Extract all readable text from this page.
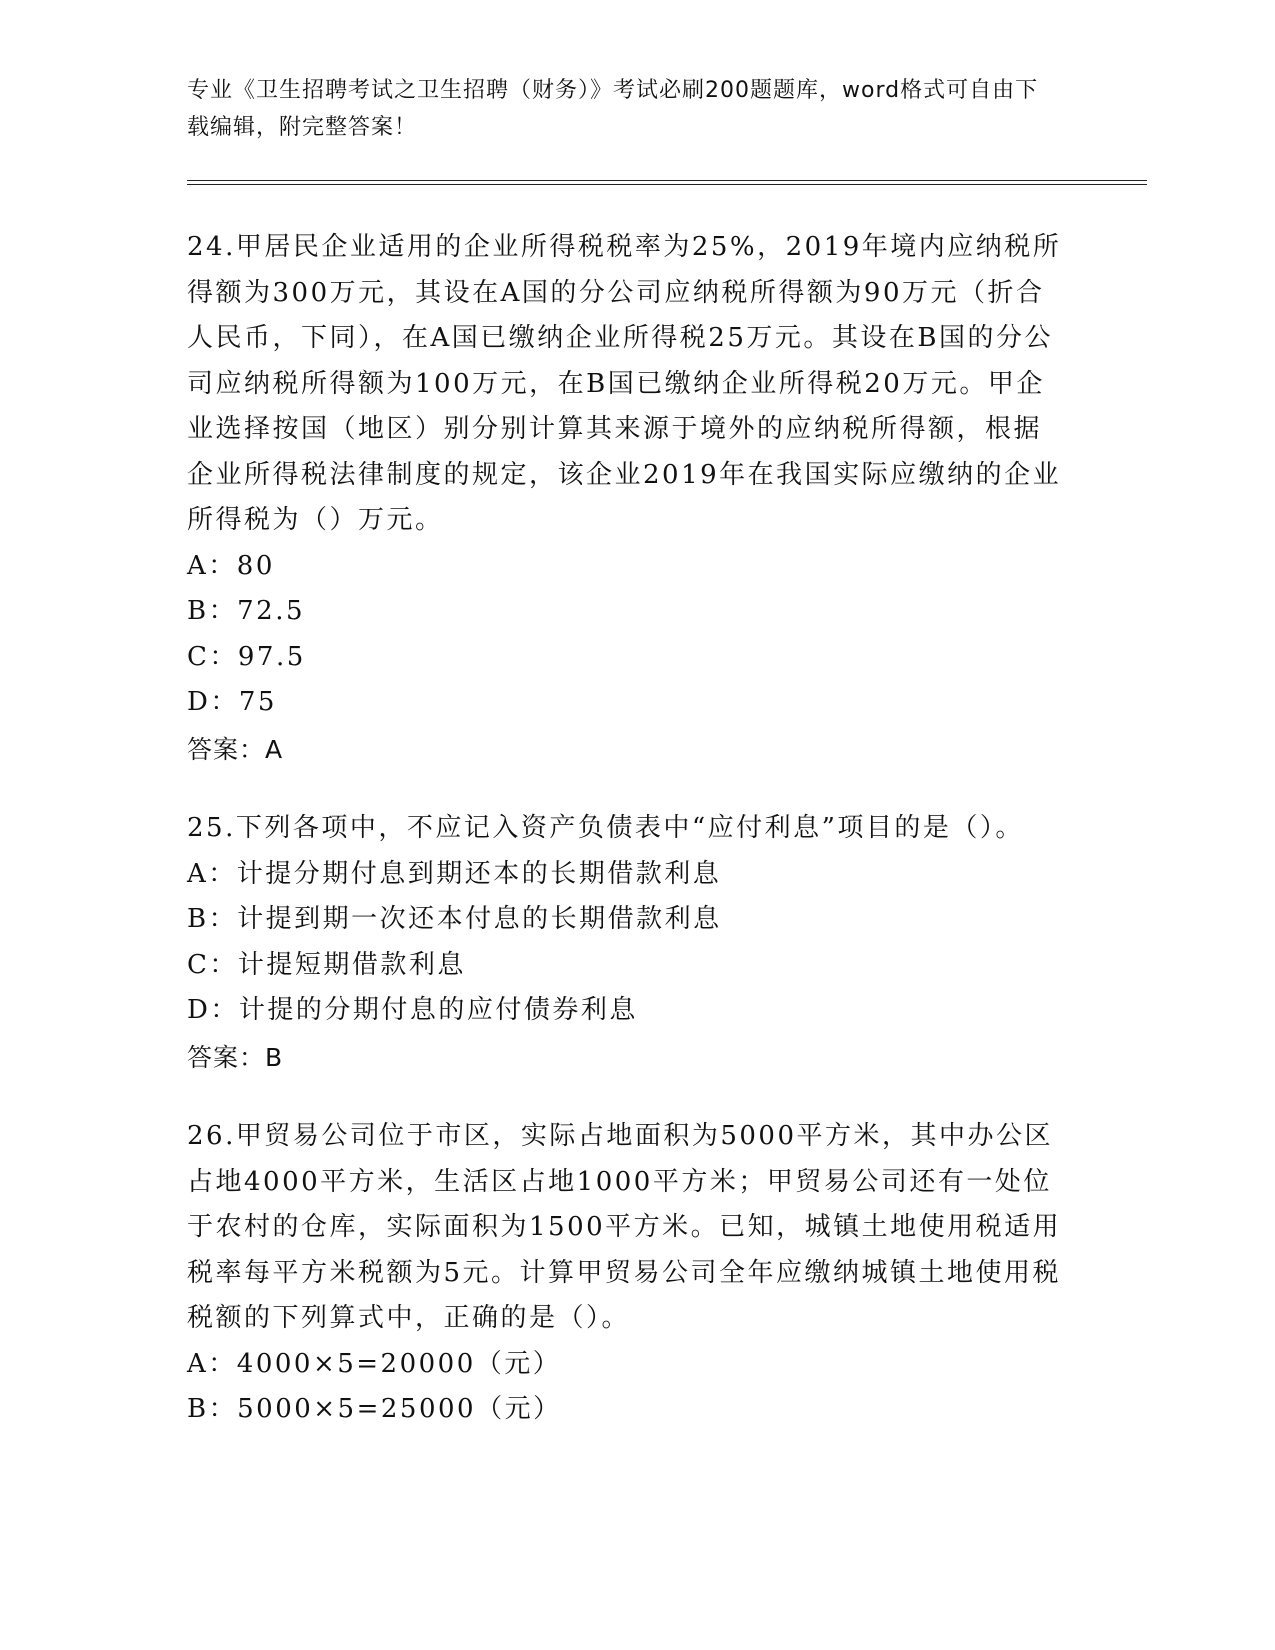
专业《卫生招聘考试之卫生招聘（财务）》考试必刷200题题库，word格式可自由下载编辑，附完整答案！
24.甲居民企业适用的企业所得税税率为25%，2019年境内应纳税所得额为300万元，其设在A国的分公司应纳税所得额为90万元（折合人民币，下同），在A国已缴纳企业所得税25万元。其设在B国的分公司应纳税所得额为100万元，在B国已缴纳企业所得税20万元。甲企业选择按国（地区）别分别计算其来源于境外的应纳税所得额，根据企业所得税法律制度的规定，该企业2019年在我国实际应缴纳的企业所得税为（）万元。
A：80
B：72.5
C：97.5
D：75
答案：A
25.下列各项中，不应记入资产负债表中“应付利息”项目的是（）。
A：计提分期付息到期还本的长期借款利息
B：计提到期一次还本付息的长期借款利息
C：计提短期借款利息
D：计提的分期付息的应付债券利息
答案：B
26.甲贸易公司位于市区，实际占地面积为5000平方米，其中办公区占地4000平方米，生活区占地1000平方米；甲贸易公司还有一处位于农村的仓库，实际面积为1500平方米。已知，城镇土地使用税适用税率每平方米税额为5元。计算甲贸易公司全年应缴纳城镇土地使用税税额的下列算式中，正确的是（）。
A：4000×5=20000（元）
B：5000×5=25000（元）
